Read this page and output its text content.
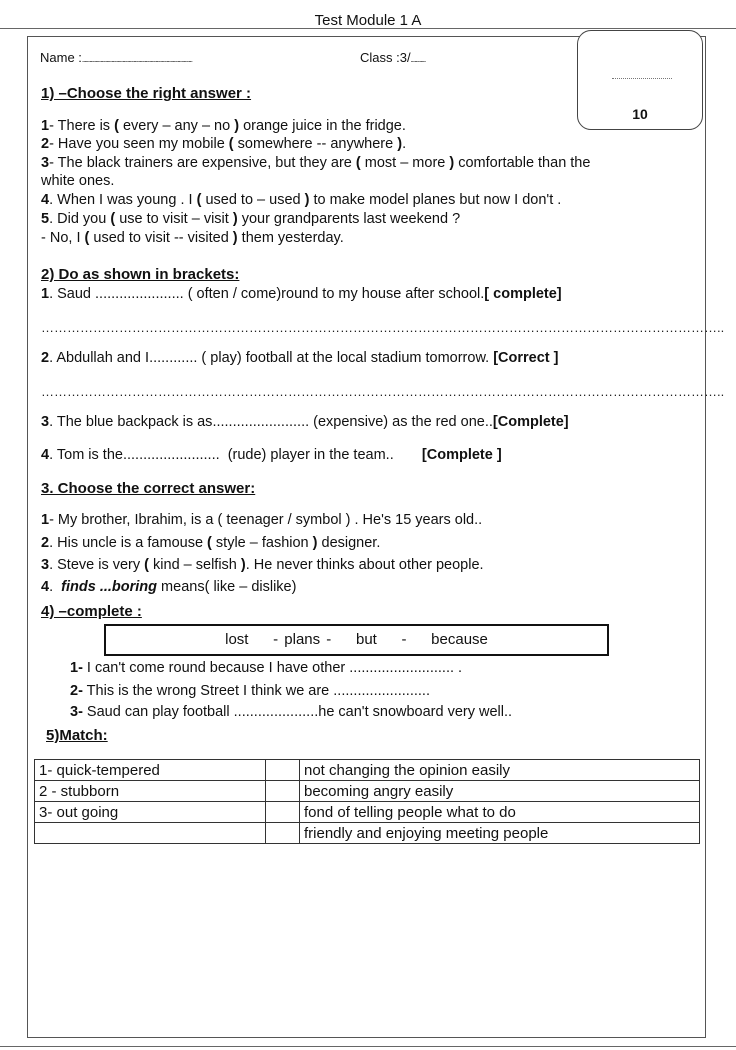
Test Module 1 A
10
Name :..........................................................................................	Class :3/............
1) –Choose the right answer :
1- There is ( every – any – no ) orange juice in the fridge.
2- Have you seen my mobile ( somewhere -- anywhere ).
3- The black trainers are expensive, but they are ( most – more ) comfortable than the
white ones.
4. When I was young . I ( used to – used ) to make model planes but now I don't .
5. Did you ( use to visit – visit ) your grandparents last weekend ?
- No, I ( used to visit -- visited ) them yesterday.
2) Do as shown in brackets:
1. Saud ...................... ( often / come)round to my house after school.[ complete]
…………………………………………………………………………………………………………………………………………..
2. Abdullah and I............ ( play) football at the local stadium tomorrow. [Correct ]
…………………………………………………………………………………………………………………………………………..
3. The blue backpack is as........................ (expensive) as the red one..[Complete]
4. Tom is the........................  (rude) player in the team..       [Complete ]
3. Choose the correct answer:
1- My brother, Ibrahim, is a ( teenager / symbol ) . He's 15 years old..
2. His uncle is a famouse ( style – fashion ) designer.
3. Steve is very ( kind – selfish ). He never thinks about other people.
4.  finds ...boring means( like – dislike)
4) –complete :
lost    - plans -    but    -    because
1- I can't come round because I have other .......................... .
2- This is the wrong Street I think we are ........................
3- Saud can play football .....................he can't snowboard very well..
5)Match:
1- quick-tempered		not changing the opinion easily
2 - stubborn		becoming angry easily
3- out going		fond of telling people what to do
		friendly and enjoying meeting people
